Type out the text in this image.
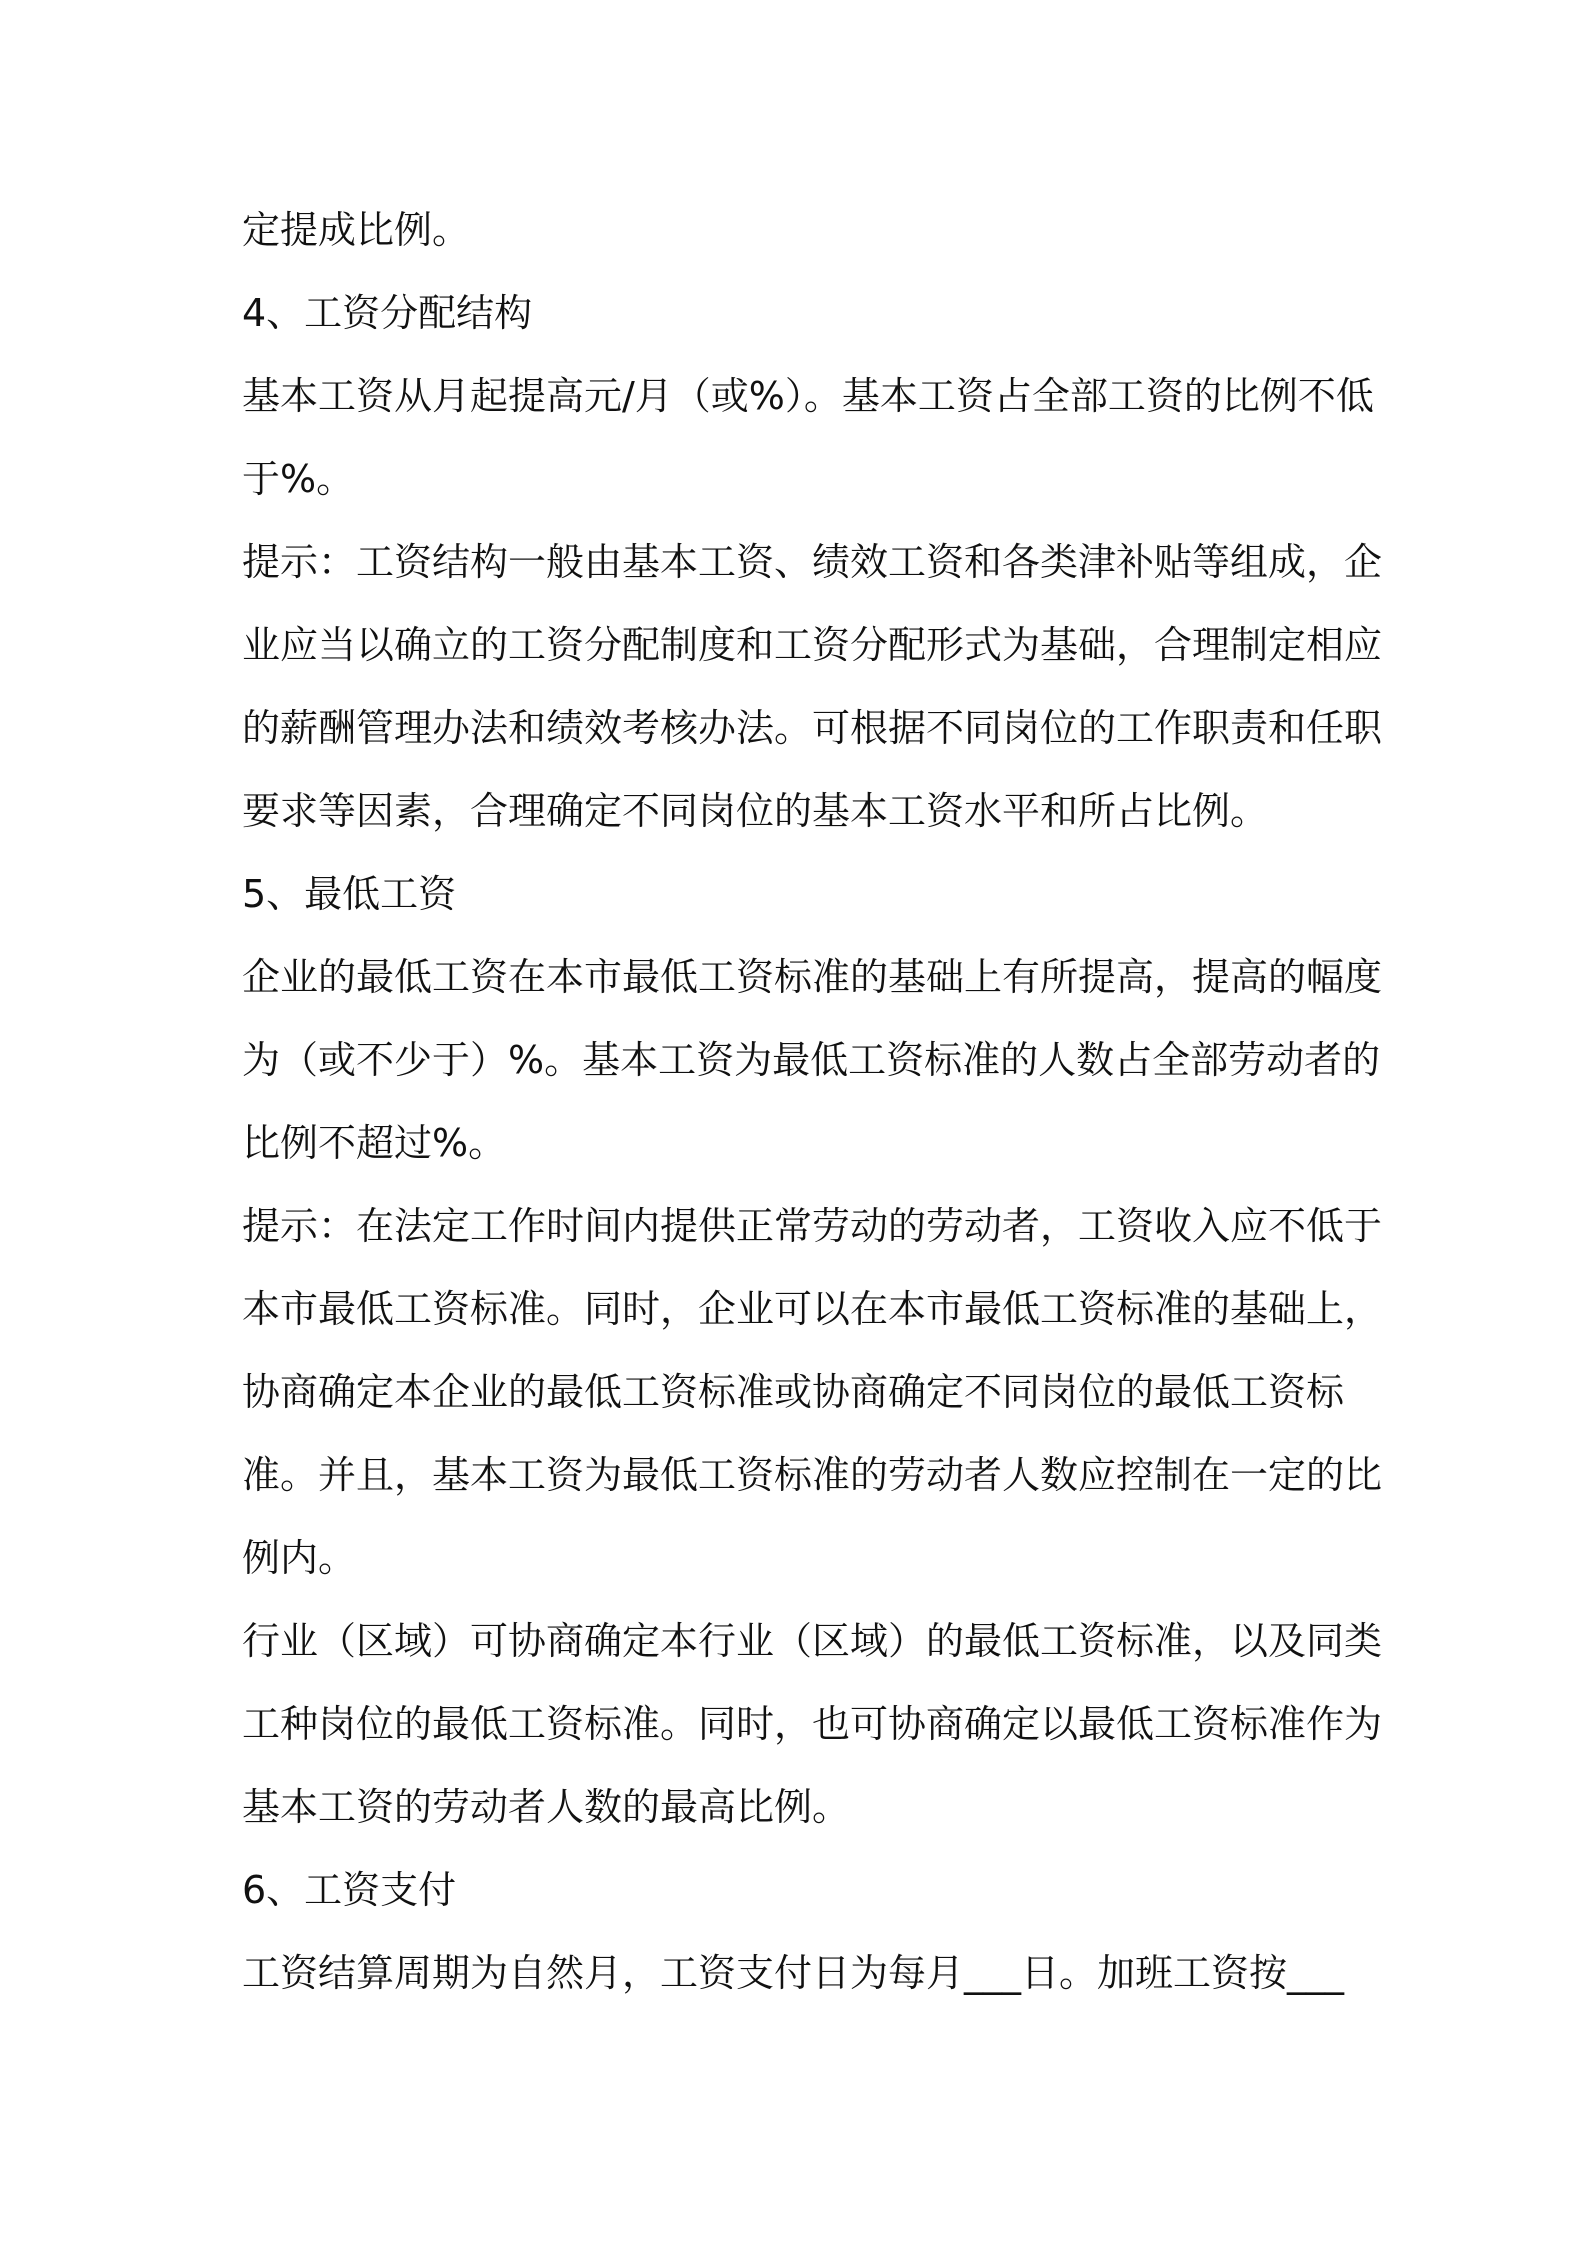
定提成比例。
4、工资分配结构
基本工资从月起提高元/月（或%）。基本工资占全部工资的比例不低
于%。
提示：工资结构一般由基本工资、绩效工资和各类津补贴等组成，企
业应当以确立的工资分配制度和工资分配形式为基础，合理制定相应
的薪酬管理办法和绩效考核办法。可根据不同岗位的工作职责和任职
要求等因素，合理确定不同岗位的基本工资水平和所占比例。
5、最低工资
企业的最低工资在本市最低工资标准的基础上有所提高，提高的幅度
为（或不少于）%。基本工资为最低工资标准的人数占全部劳动者的
比例不超过%。
提示：在法定工作时间内提供正常劳动的劳动者，工资收入应不低于
本市最低工资标准。同时，企业可以在本市最低工资标准的基础上，
协商确定本企业的最低工资标准或协商确定不同岗位的最低工资标
准。并且，基本工资为最低工资标准的劳动者人数应控制在一定的比
例内。
行业（区域）可协商确定本行业（区域）的最低工资标准，以及同类
工种岗位的最低工资标准。同时，也可协商确定以最低工资标准作为
基本工资的劳动者人数的最高比例。
6、工资支付
工资结算周期为自然月，工资支付日为每月___日。加班工资按___
